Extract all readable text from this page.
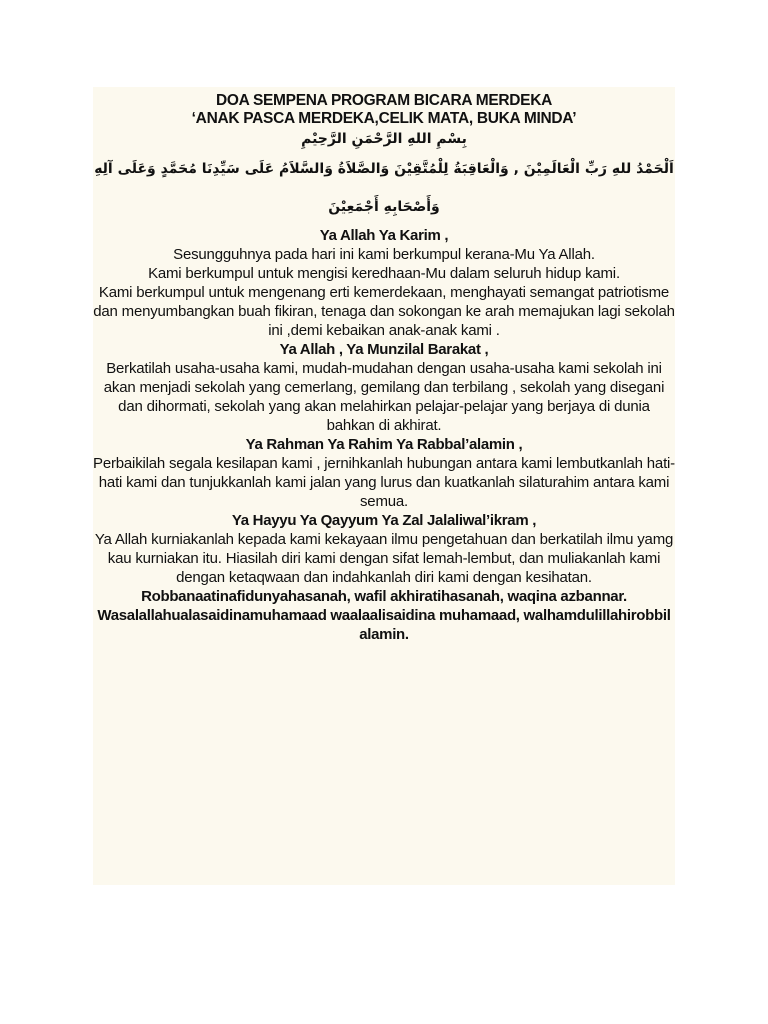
DOA SEMPENA PROGRAM BICARA MERDEKA

‘ANAK PASCA MERDEKA,CELIK MATA, BUKA MINDA’

بِسْمِ اللهِ الرَّحْمَنِ الرَّحِيْمِ

اَلْحَمْدُ للهِ رَبِّ الْعَالَمِيْنَ , وَالْعَاقِبَةُ لِلْمُتَّقِيْنَ وَالصَّلاَةُ وَالسَّلاَمُ عَلَى سَيِّدِنَا مُحَمَّدٍ وَعَلَى آلِهِ وَأَصْحَابِهِ أَجْمَعِيْنَ

Ya Allah Ya Karim ,

Sesungguhnya pada hari ini kami berkumpul kerana-Mu Ya Allah.

Kami berkumpul untuk mengisi keredhaan-Mu dalam seluruh hidup kami.

Kami berkumpul untuk mengenang erti kemerdekaan, menghayati semangat patriotisme dan menyumbangkan buah fikiran, tenaga dan sokongan ke arah memajukan lagi sekolah ini ,demi kebaikan anak-anak kami .

Ya Allah , Ya Munzilal Barakat ,

Berkatilah usaha-usaha kami, mudah-mudahan dengan usaha-usaha kami sekolah ini akan menjadi sekolah yang cemerlang, gemilang dan terbilang , sekolah yang disegani dan dihormati, sekolah yang akan melahirkan pelajar-pelajar yang berjaya di dunia bahkan di akhirat.

Ya Rahman Ya Rahim Ya Rabbal’alamin ,

Perbaikilah segala kesilapan kami , jernihkanlah hubungan antara kami lembutkanlah hati-hati kami dan tunjukkanlah kami jalan yang lurus dan kuatkanlah silaturahim antara kami semua.

Ya Hayyu Ya Qayyum Ya Zal Jalaliwal’ikram ,

Ya Allah kurniakanlah kepada kami kekayaan ilmu pengetahuan dan berkatilah ilmu yamg kau kurniakan itu. Hiasilah diri kami dengan sifat lemah-lembut, dan muliakanlah kami dengan ketaqwaan dan indahkanlah diri kami dengan kesihatan.

Robbanaatinafidunyahasanah, wafil akhiratihasanah, waqina azbannar.

Wasalallahualasaidinamuhamaad waalaalisaidina muhamaad, walhamdulillahirobbil alamin.
